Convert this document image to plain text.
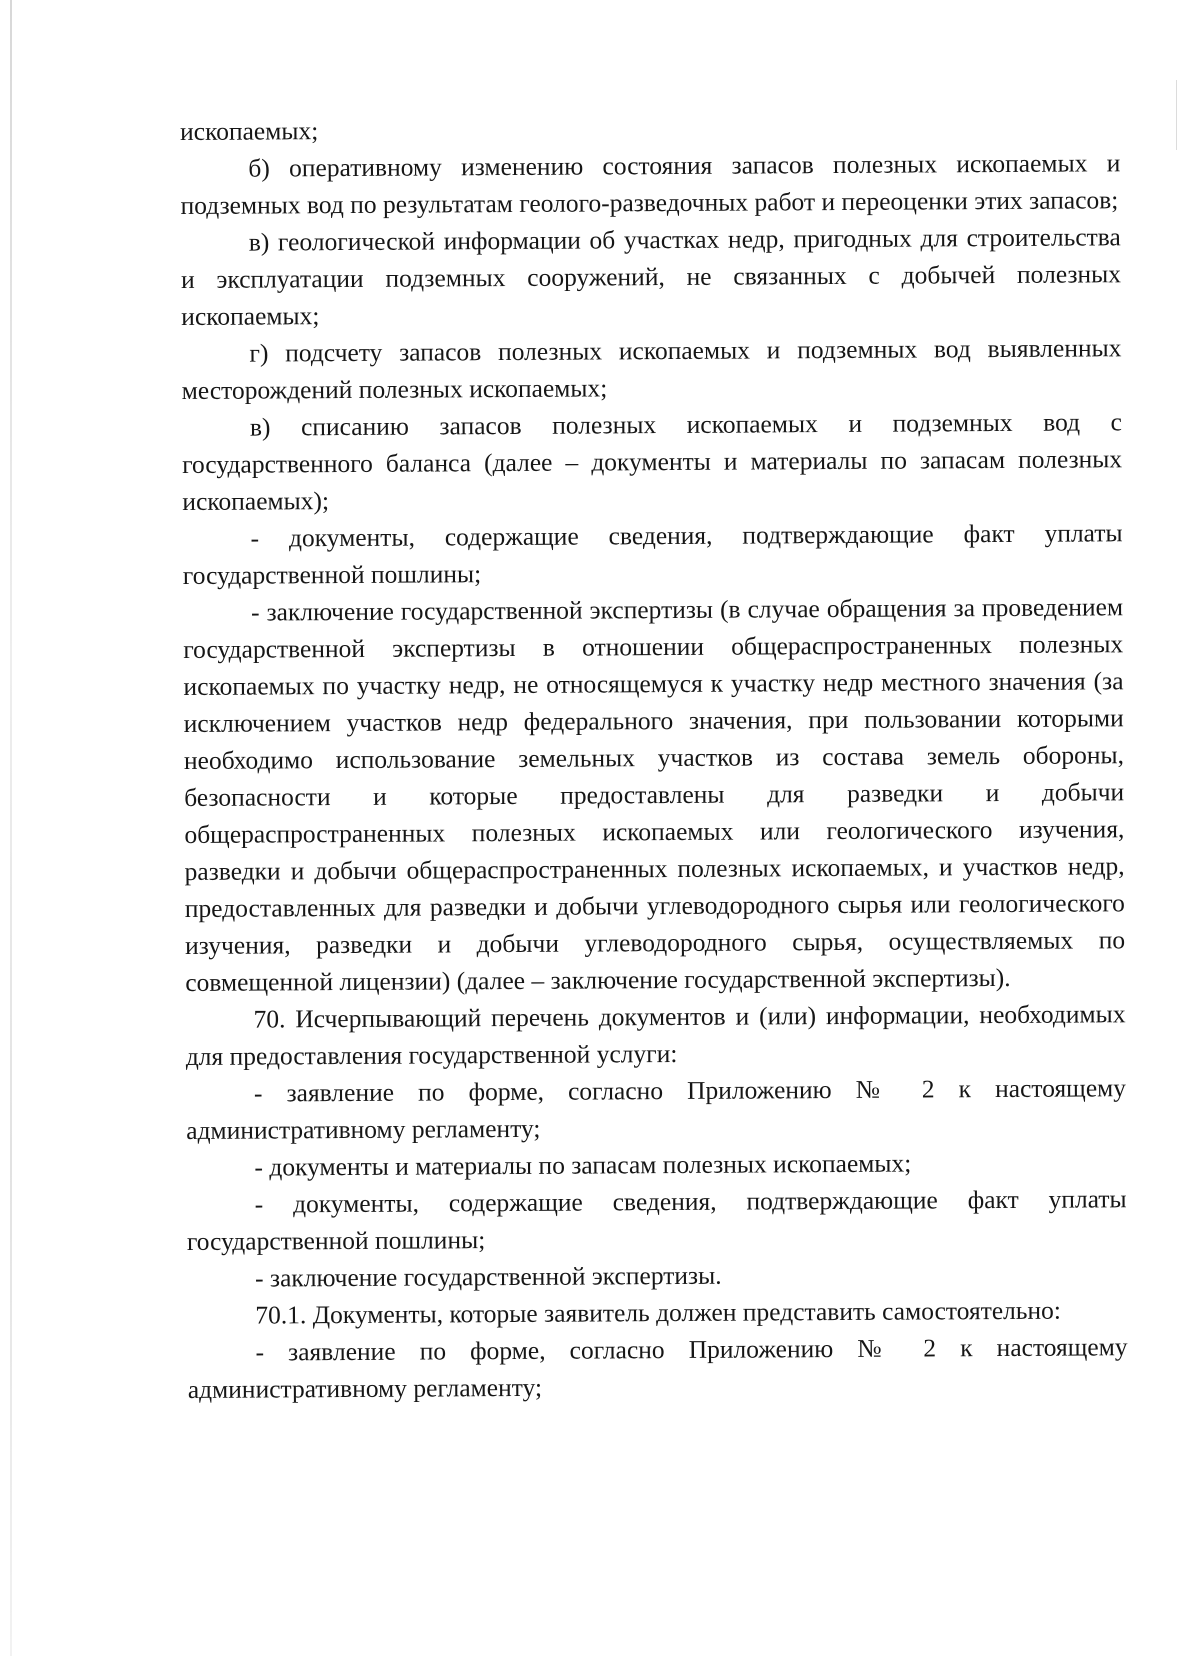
ископаемых;

б) оперативному изменению состояния запасов полезных ископаемых и подземных вод по результатам геолого-разведочных работ и переоценки этих запасов;

в) геологической информации об участках недр, пригодных для строительства и эксплуатации подземных сооружений, не связанных с добычей полезных ископаемых;

г) подсчету запасов полезных ископаемых и подземных вод выявленных месторождений полезных ископаемых;

в) списанию запасов полезных ископаемых и подземных вод с государственного баланса (далее – документы и материалы по запасам полезных ископаемых);

- документы, содержащие сведения, подтверждающие факт уплаты государственной пошлины;

- заключение государственной экспертизы (в случае обращения за проведением государственной экспертизы в отношении общераспространенных полезных ископаемых по участку недр, не относящемуся к участку недр местного значения (за исключением участков недр федерального значения, при пользовании которыми необходимо использование земельных участков из состава земель обороны, безопасности и которые предоставлены для разведки и добычи общераспространенных полезных ископаемых или геологического изучения, разведки и добычи общераспространенных полезных ископаемых, и участков недр, предоставленных для разведки и добычи углеводородного сырья или геологического изучения, разведки и добычи углеводородного сырья, осуществляемых по совмещенной лицензии) (далее – заключение государственной экспертизы).

70. Исчерпывающий перечень документов и (или) информации, необходимых для предоставления государственной услуги:

- заявление по форме, согласно Приложению № 2 к настоящему административному регламенту;

- документы и материалы по запасам полезных ископаемых;

- документы, содержащие сведения, подтверждающие факт уплаты государственной пошлины;

- заключение государственной экспертизы.

70.1. Документы, которые заявитель должен представить самостоятельно:

- заявление по форме, согласно Приложению № 2 к настоящему административному регламенту;
